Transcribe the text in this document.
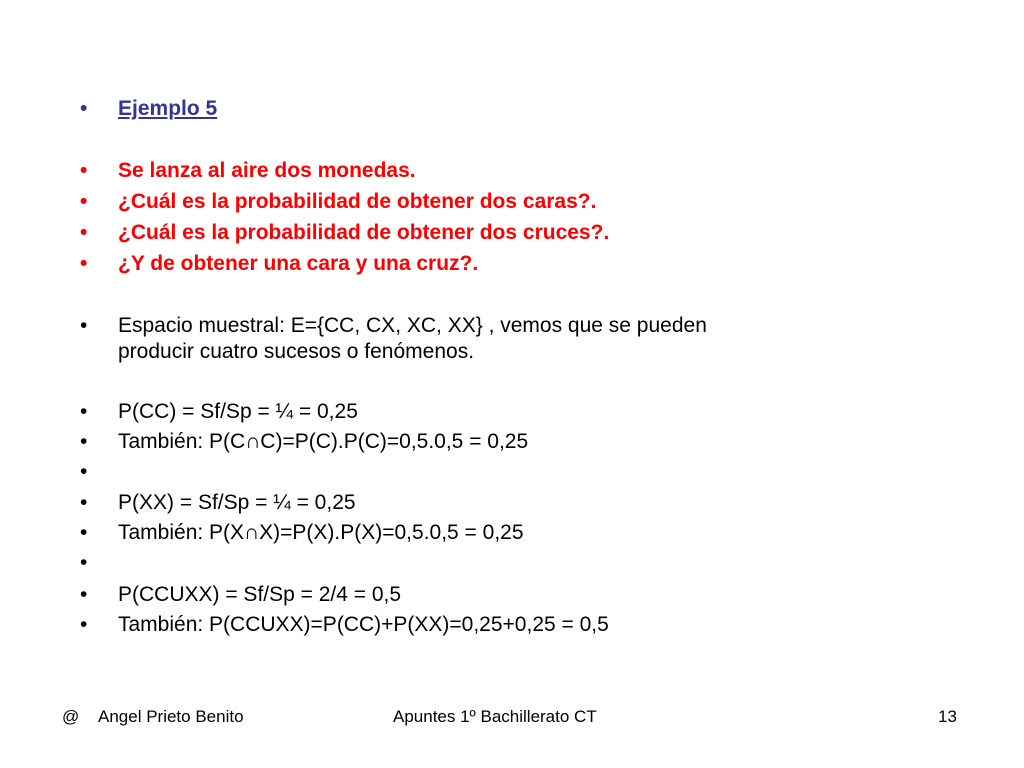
• Ejemplo 5
• Se lanza al aire dos monedas.
• ¿Cuál es la probabilidad de obtener dos caras?.
• ¿Cuál es la probabilidad de obtener dos cruces?.
• ¿Y de obtener una cara y una cruz?.
• Espacio muestral: E={CC, CX, XC, XX} , vemos que se pueden
producir cuatro sucesos o fenómenos.
• P(CC) = Sf/Sp = ¼ = 0,25
• También: P(C∩C)=P(C).P(C)=0,5.0,5 = 0,25
• P(XX) = Sf/Sp = ¼ = 0,25
• También: P(X∩X)=P(X).P(X)=0,5.0,5 = 0,25
• P(CCUXX) = Sf/Sp = 2/4 = 0,5
• También: P(CCUXX)=P(CC)+P(XX)=0,25+0,25 = 0,5
@ Angel Prieto Benito	Apuntes 1º Bachillerato CT	13
